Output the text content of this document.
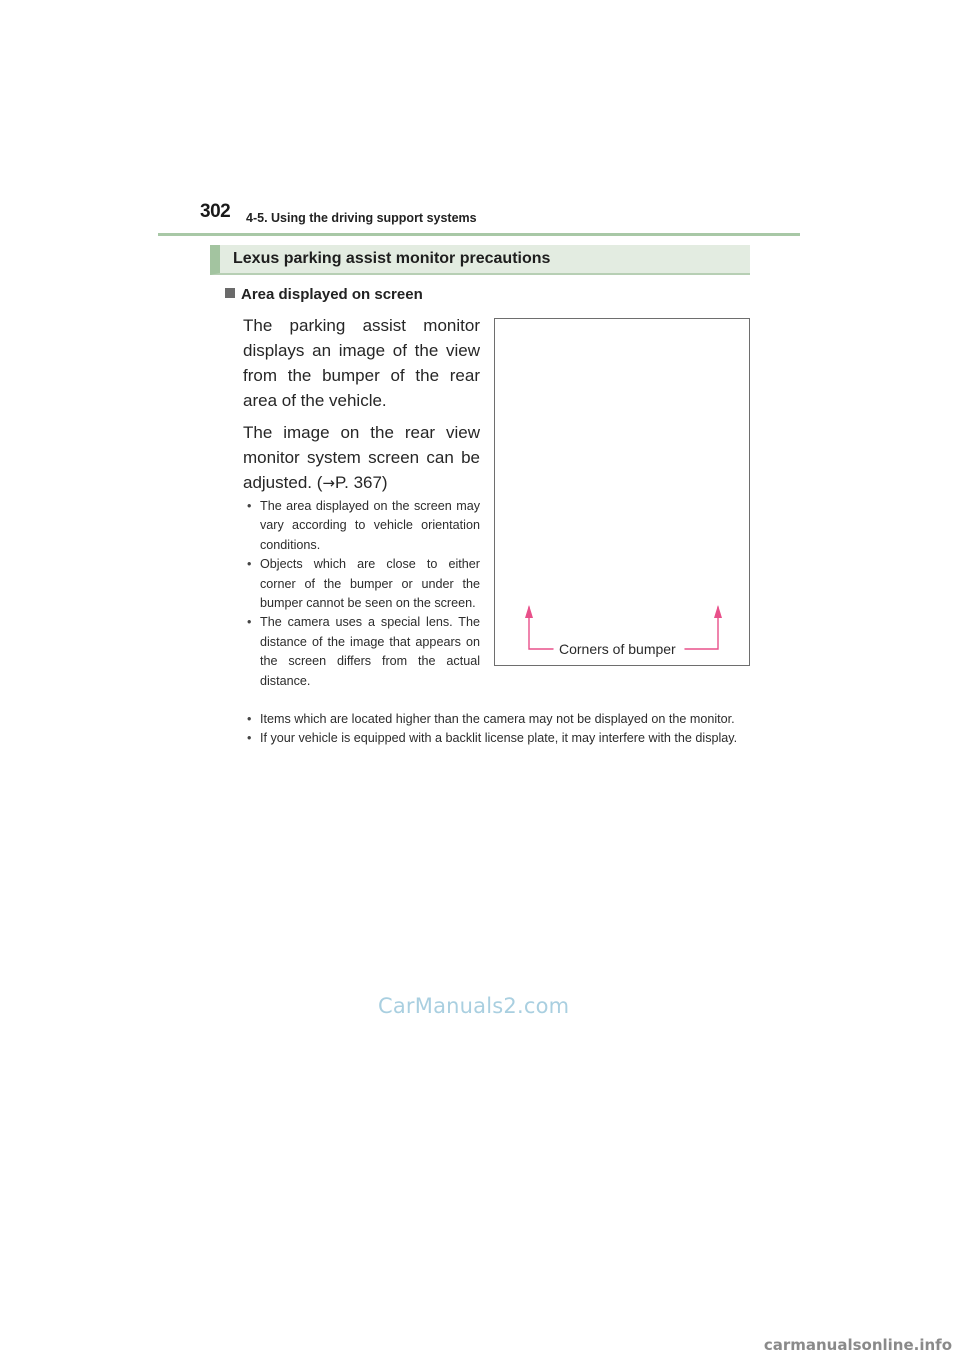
302 4-5. Using the driving support systems
Lexus parking assist monitor precautions
Area displayed on screen

The parking assist monitor displays an image of the view from the bumper of the rear area of the vehicle.

The image on the rear view monitor system screen can be adjusted. (→P. 367)

• The area displayed on the screen may vary according to vehicle orientation conditions.
• Objects which are close to either corner of the bumper or under the bumper cannot be seen on the screen.
• The camera uses a special lens. The distance of the image that appears on the screen differs from the actual distance.
• Items which are located higher than the camera may not be displayed on the monitor.
• If your vehicle is equipped with a backlit license plate, it may interfere with the display.
Corners of bumper
CarManuals2.com
carmanualsonline.info
